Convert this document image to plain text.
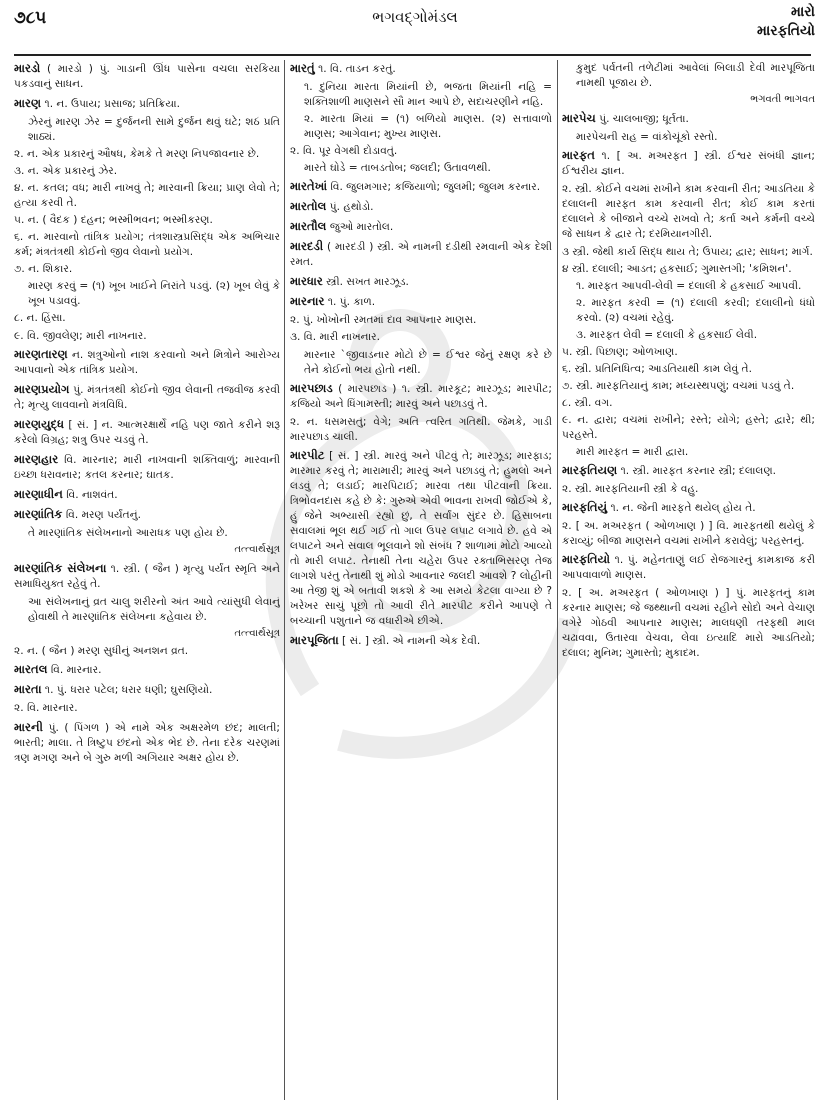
૭૮૫	ભગવદ્ગોમંડલ	મારો
મારફતિયો

મારડો ( મારડો ) પું. ગાડાની ઊંધ પાસેના વચલા સરકિયા પકડવાનું સાધન.

મારણ ૧. ન. ઉપાય; પ્રસાજ; પ્રતિક્રિયા.

ઝેરનું મારણ ઝેર = દુર્જનની સામે દુર્જન થવું ઘટે; શઠં પ્રતિ શાઠ્યં.

૨. ન. એક પ્રકારનું ઔષધ, કેમકે તે મરણ નિપજાવનાર છે.

૩. ન. એક પ્રકારનું ઝેર.

૪. ન. કતલ; વધ; મારી નાખવું તે; મારવાની ક્રિયા; પ્રાણ લેવો તે; હત્યા કરવી તે.

૫. ન. ( વૈદક ) દહન; ભસ્મીભવન; ભસ્મીકરણ.

૬. ન. મારવાનો તાંત્રિક પ્રયોગ; તંત્રશાસ્ત્રપ્રસિદ્ધ એક અભિચાર કર્મ; મંત્રતંત્રથી કોઈનો જીવ લેવાનો પ્રયોગ.

૭. ન. શિકાર.

મારણ કરવું = (૧) ખૂબ ખાઈને નિરાંતે પડવું. (૨) ખૂબ લેવું કે ખૂબ પડાવવું.

૮. ન. હિંસા.

૯. વિ. જીવલેણ; મારી નાખનાર.

મારણતારણ ન. શત્રુઓનો નાશ કરવાનો અને મિત્રોને આરોગ્ય આપવાનો એક તાંત્રિક પ્રયોગ.

મારણપ્રયોગ પું. મંત્રતંત્રથી કોઈનો જીવ લેવાની તજવીજ કરવી તે; મૃત્યુ લાવવાનો મંત્રવિધિ.

મારણયુદ્ધ [ સં. ] ન. આત્મરક્ષાર્થે નહિ પણ જાતે કરીને શરૂ કરેલો વિગ્રહ; શત્રુ ઉપર ચડવું તે.

મારણહાર વિ. મારનાર; મારી નાખવાની શક્તિવાળું; મારવાની ઇચ્છા ધરાવનાર; કતલ કરનાર; ઘાતક.

મારણાધીન વિ. નાશવંત.

મારણાંતિક વિ. મરણ પર્યંતનું.

તે મારણાંતિક સંલેખનાનો આરાધક પણ હોય છે.

તત્ત્વાર્થસૂત્ર

મારણાંતિક સંલેખના ૧. સ્ત્રી. ( જૈન ) મૃત્યુ પર્યંત સ્મૃતિ અને સમાધિયુક્ત રહેવું તે.

આ સંલેખનાનું વ્રત ચાલુ શરીરનો અંત આવે ત્યાંસુધી લેવાનું હોવાથી તે મારણાંતિક સંલેખના કહેવાય છે.

તત્ત્વાર્થસૂત્ર

૨. ન. ( જૈન ) મરણ સુધીનું અનશન વ્રત.

મારતલ વિ. મારનાર.

મારતા ૧. પું. ધરાર પટેલ; ધરાર ધણી; ઘુસણિયો.

૨. વિ. મારનાર.

મારની પું. ( પિંગળ ) એ નામે એક અક્ષરમેળ છંદ; માલતી; ભારતી; માલા. તે ત્રિષ્ટુપ છંદનો એક ભેદ છે. તેના દરેક ચરણમાં ત્રણ મગણ અને બે ગુરુ મળી અગિયાર અક્ષર હોય છે.

મારતું ૧. વિ. તાડન કરતું.

૧. દુનિયા મારતા મિયાંની છે, ભજતા મિયાંની નહિ = શક્તિશાળી માણસને સૌ માન આપે છે, સદાચરણીને નહિ.

૨. મારતા મિયાં = (૧) બળિયો માણસ. (૨) સત્તાવાળો માણસ; આગેવાન; મુખ્ય માણસ.

૨. વિ. પૂર વેગથી દોડાવતું.

મારતે ઘોડે = તાબડતોબ; જલદી; ઉતાવળથી.

મારતેખાં વિ. જુલમગાર; કજિયાળો; જુલમી; જુલમ કરનાર.

મારતોલ પું. હથોડો.

મારતૌલ જુઓ મારતોલ.

મારદડી ( મારદડી ) સ્ત્રી. એ નામની દડીથી રમવાની એક દેશી રમત.

મારધાર સ્ત્રી. સખત મારઝૂડ.

મારનાર ૧. પું. કાળ.

૨. પું. ખોખોની રમતમાં દાવ આપનાર માણસ.

૩. વિ. મારી નાખનાર.

મારનાર `જીવાડનાર મોટો છે = ઈશ્વર જેનું રક્ષણ કરે છે તેને કોઈનો ભય હોતો નથી.

મારપછાડ ( મારપછાડ ) ૧. સ્ત્રી. મારકૂટ; મારઝૂડ; મારપીટ; કજિયો અને ધિંગામસ્તી; મારવું અને પછાડવું તે.

૨. ન. ધસમસતું; વેગે; અતિ ત્વરિત ગતિથી. જેમકે, ગાડી મારપછાડ ચાલી.

મારપીટ [ સં. ] સ્ત્રી. મારવું અને પીટવું તે; મારઝૂડ; મારફાડ; મારમાર કરવું તે; મારામારી; મારવું અને પછાડવું તે; હુમલો અને લડવું તે; લડાઈ; મારપિટાઈ; મારવા તથા પીટવાની ક્રિયા. ત્રિભોવનદાસ કહે છે કે: ગુરુએ એવી ભાવના રાખવી જોઈએ કે, હું જેને અભ્યાસી રહ્યો છું, તે સર્વાંગ સુંદર છે. હિસાબના સવાલમાં ભૂલ થઈ ગઈ તો ગાલ ઉપર લપાટ લગાવે છે. હવે એ લપાટને અને સવાલ ભૂલવાને શો સંબંધ ? શાળામાં મોટો આવ્યો તો મારી લપાટ. તેનાથી તેના ચહેરા ઉપર રક્તાભિસરણ તેજ લાગશે પરંતુ તેનાથી શું મોડો આવનાર જલદી આવશે ? લોહીની આ તેજી શું એ બતાવી શકશે કે આ સમયે કેટલા વાગ્યા છે ? ખરેખર સાચું પૂછો તો આવી રીતે મારપીટ કરીને આપણે તે બચ્ચાની પશુતાને જ વધારીએ છીએ.

મારપૂજિતા [ સં. ] સ્ત્રી. એ નામની એક દેવી.

કુમુદ પર્વતની તળેટીમાં આવેલાં બિલાડી દેવી મારપૂજિતા નામથી પૂજાય છે.

ભગવતી ભાગવત

મારપેચ પું. ચાલબાજી; ધૂર્તતા.

મારપેચની રાહ = વાંકોચૂંકો રસ્તો.

મારફત ૧. [ અ. મઅરફત ] સ્ત્રી. ઈશ્વર સંબંધી જ્ઞાન; ઈશ્વરીય જ્ઞાન.

૨. સ્ત્રી. કોઈને વચમાં રાખીને કામ કરવાની રીત; આડતિયા કે દલાલની મારફત કામ કરવાની રીત; કોઈ કામ કરતાં દલાલને કે બીજાને વચ્ચે રાખવો તે; કર્તા અને કર્મની વચ્ચે જે સાધન કે દ્વાર તે; દરમિયાનગીરી.

૩ સ્ત્રી. જેથી કાર્ય સિદ્ધ થાય તે; ઉપાય; દ્વાર; સાધન; માર્ગ.

૪ સ્ત્રી. દલાલી; આડત; હકસાઈ; ગુમાસ્તગી; 'કમિશન'.

૧. મારફત આપવી-લેવી = દલાલી કે હકસાઈ આપવી.

૨. મારફત કરવી = (૧) દલાલી કરવી; દલાલીનો ધંધો કરવો. (૨) વચમાં રહેવું.

૩. મારફત લેવી = દલાલી કે હકસાઈ લેવી.

૫. સ્ત્રી. પિછાણ; ઓળખાણ.

૬. સ્ત્રી. પ્રતિનિધિત્વ; આડતિયાથી કામ લેવું તે.

૭. સ્ત્રી. મારફતિયાનું કામ; મધ્યસ્થપણું; વચમાં પડવું તે.

૮. સ્ત્રી. વગ.

૯. ન. દ્વારા; વચમાં રાખીને; રસ્તે; યોગે; હસ્તે; દ્વારે; થી; પરહસ્તે.

મારી મારફત = મારી દ્વારા.

મારફતિયણ ૧. સ્ત્રી. મારફત કરનાર સ્ત્રી; દલાલણ.

૨. સ્ત્રી. મારફતિયાની સ્ત્રી કે વહુ.

મારફતિયું ૧. ન. જેની મારફતે થયેલ્ હોય તે.

૨. [ અ. મઅરફત ( ઓળખાણ ) ] વિ. મારફતથી થયેલું કે કરાવ્યું; બીજા માણસને વચમાં રાખીને કરાવેલું; પરહસ્તનું.

મારફતિયો ૧. પું. મહેનતાણું લઈ રોજગારનું કામકાજ કરી આપવાવાળો માણસ.

૨. [ અ. મઅરફત ( ઓળખાણ ) ] પું. મારફતનું કામ કરનાર માણસ; જે જથ્થાની વચમાં રહીને સોદો અને વેચાણ વગેરે ગોઠવી આપનાર માણસ; માલધણી તરફથી માલ ચઢાવવા, ઉતારવા વેચવા, લેવા ઇત્યાદિ મારો આડતિયો; દલાલ; મુનિમ; ગુમાસ્તો; મુકાદમ.
